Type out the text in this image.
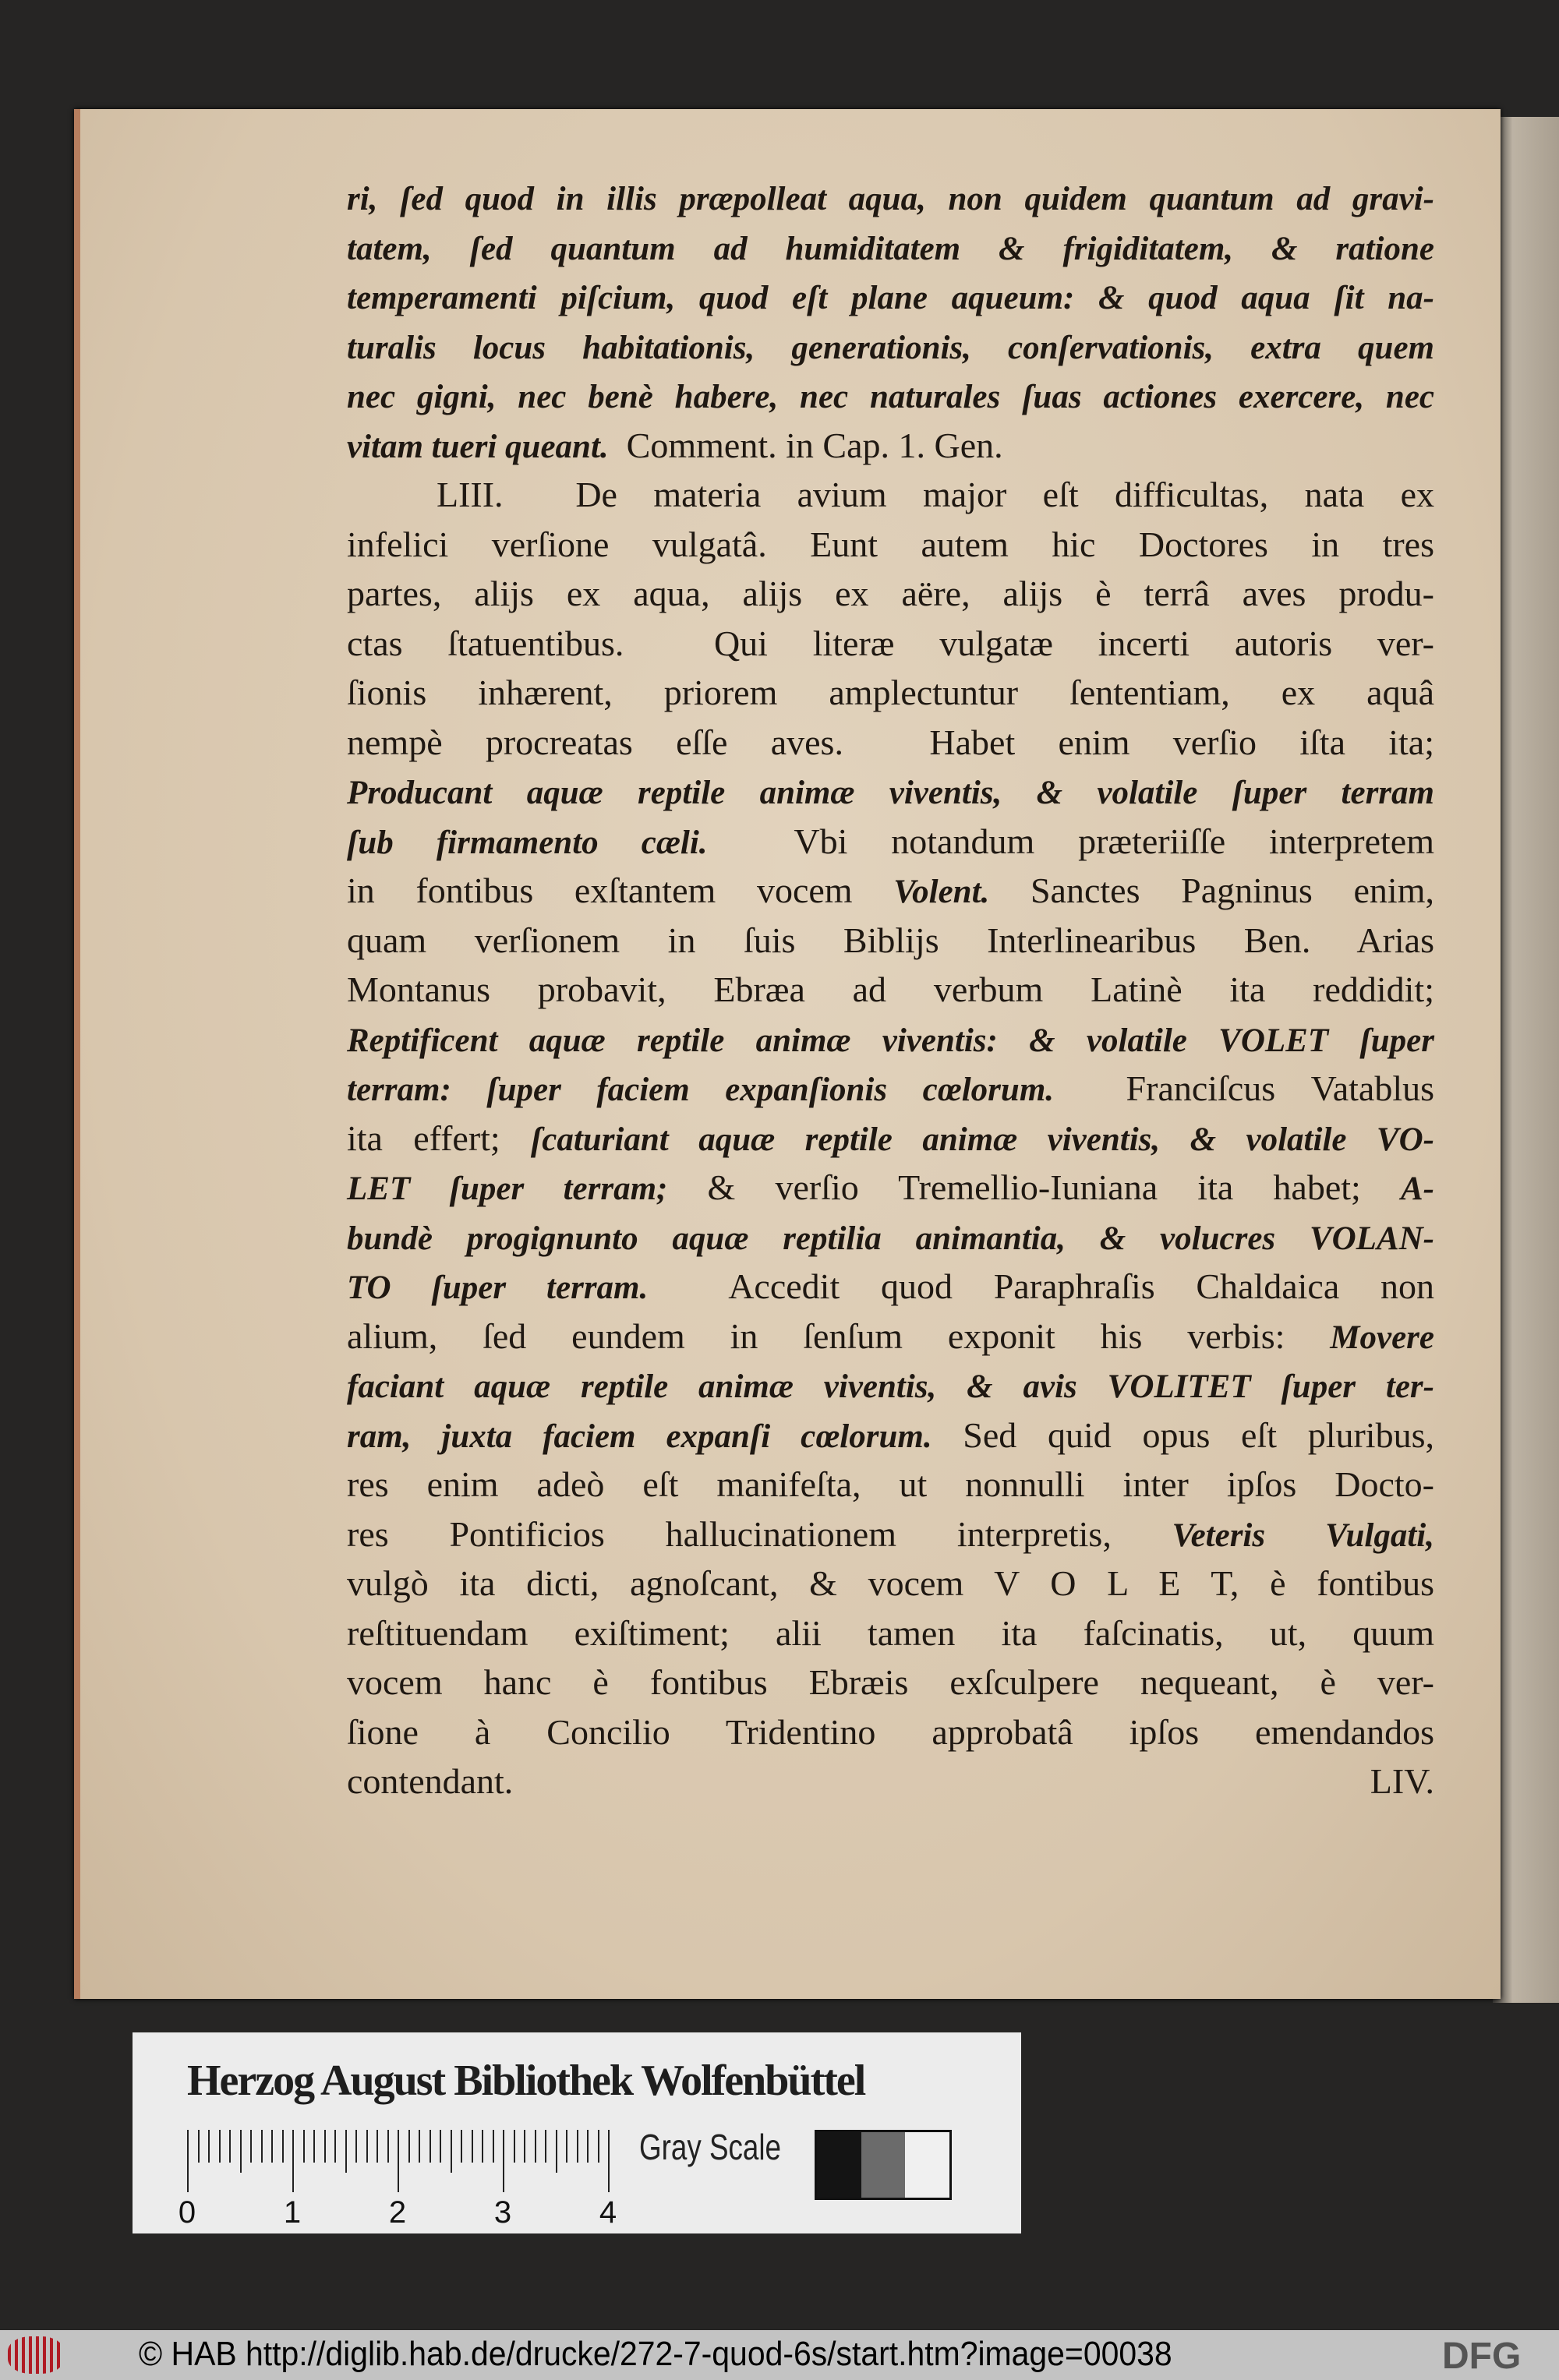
ri, ſed quod in illis præpolleat aqua, non quidem quantum ad gravi-
tatem, ſed quantum ad humiditatem & frigiditatem, & ratione
temperamenti piſcium, quod eſt plane aqueum: & quod aqua ſit na-
turalis locus habitationis, generationis, conſervationis, extra quem
nec gigni, nec benè habere, nec naturales ſuas actiones exercere, nec
vitam tueri queant.  Comment. in Cap. 1. Gen.
LIII.  De materia avium major eſt difficultas, nata ex
infelici verſione vulgatâ. Eunt autem hic Doctores in tres
partes, alijs ex aqua, alijs ex aëre, alijs è terrâ aves produ-
ctas ſtatuentibus.  Qui literæ vulgatæ incerti autoris ver-
ſionis inhærent, priorem amplectuntur ſententiam, ex aquâ
nempè procreatas eſſe aves.  Habet enim verſio iſta ita;
Producant aquæ reptile animæ viventis, & volatile ſuper terram
ſub firmamento cæli.  Vbi notandum præteriiſſe interpretem
in fontibus exſtantem vocem Volent. Sanctes Pagninus enim,
quam verſionem in ſuis Biblijs Interlinearibus Ben. Arias
Montanus probavit, Ebræa ad verbum Latinè ita reddidit;
Reptificent aquæ reptile animæ viventis: & volatile VOLET ſuper
terram: ſuper faciem expanſionis cœlorum.  Franciſcus Vatablus
ita effert; ſcaturiant aquæ reptile animæ viventis, & volatile VO-
LET ſuper terram; & verſio Tremellio-Iuniana ita habet; A-
bundè progignunto aquæ reptilia animantia, & volucres VOLAN-
TO ſuper terram.  Accedit quod Paraphraſis Chaldaica non
alium, ſed eundem in ſenſum exponit his verbis: Movere
faciant aquæ reptile animæ viventis, & avis VOLITET ſuper ter-
ram, juxta faciem expanſi cœlorum. Sed quid opus eſt pluribus,
res enim adeò eſt manifeſta, ut nonnulli inter ipſos Docto-
res Pontificios hallucinationem interpretis, Veteris Vulgati,
vulgò ita dicti, agnoſcant, & vocem V O L E T, è fontibus
reſtituendam exiſtiment; alii tamen ita faſcinatis, ut, quum
vocem hanc è fontibus Ebræis exſculpere nequeant, è ver-
ſione à Concilio Tridentino approbatâ ipſos emendandos
contendant.	LIV.
Herzog August Bibliothek Wolfenbüttel
0	1	2	3	4
Gray Scale
© HAB http://diglib.hab.de/drucke/272-7-quod-6s/start.htm?image=00038	DFG
